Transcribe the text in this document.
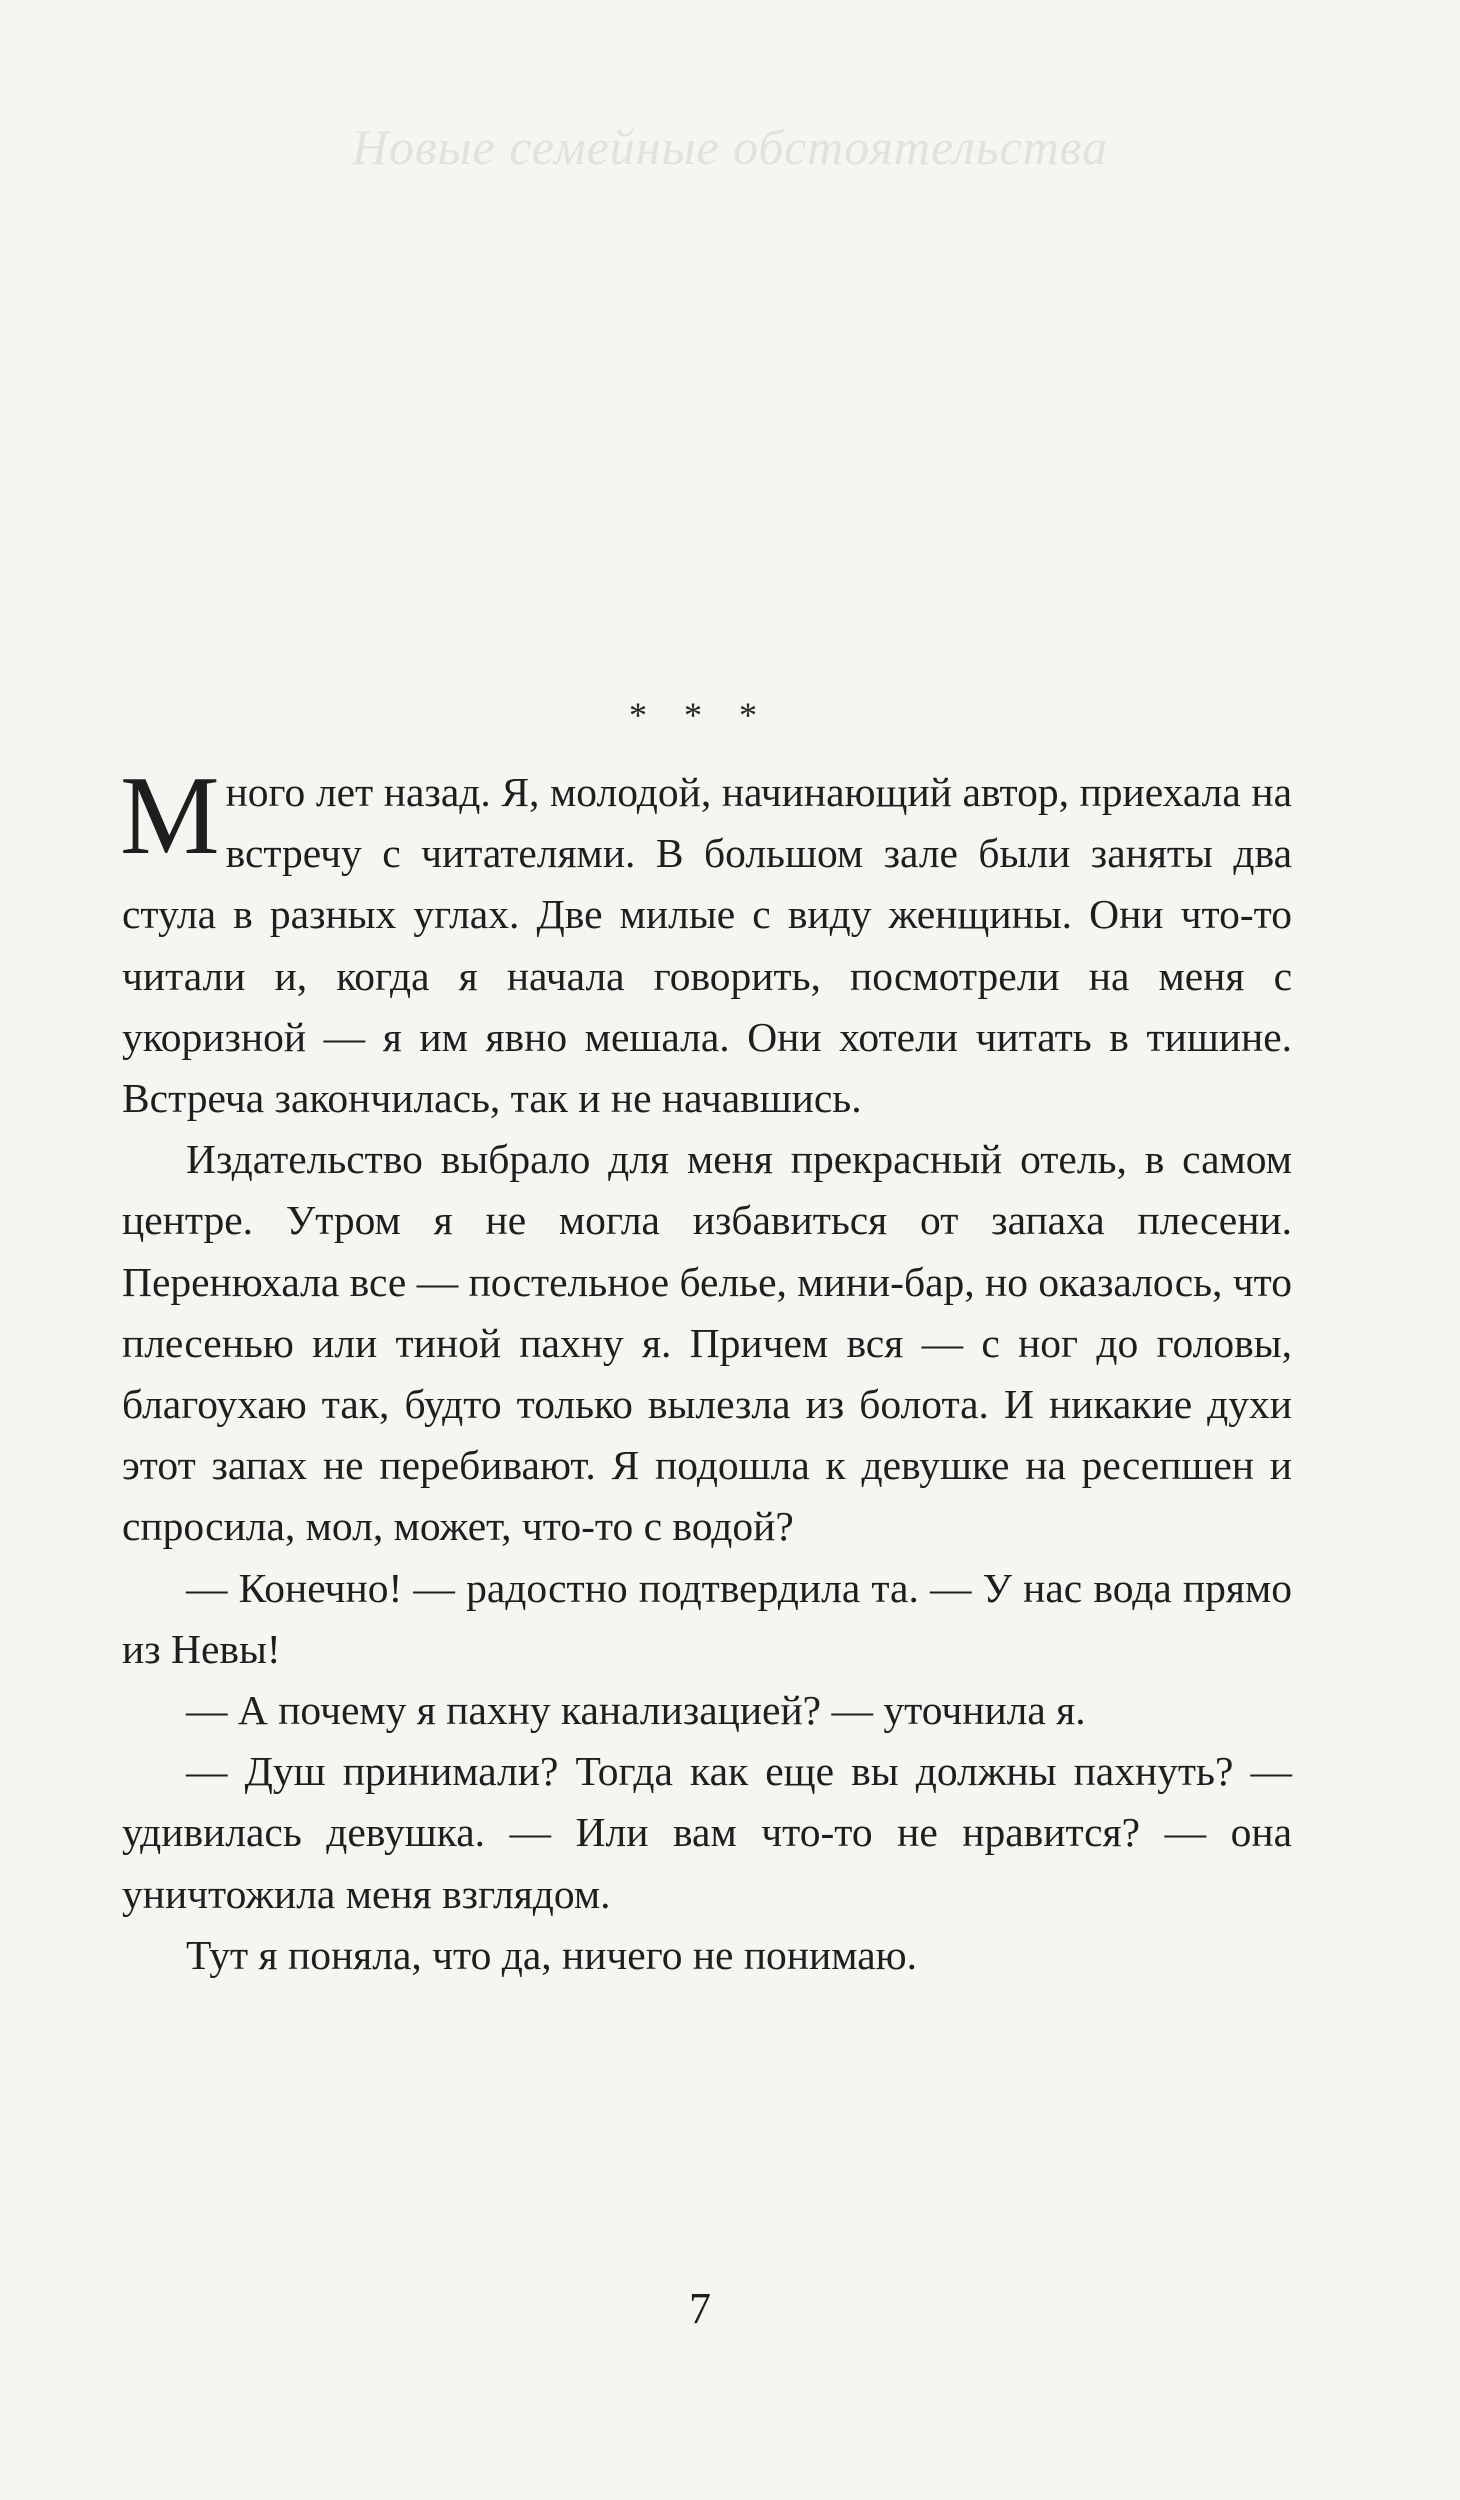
Новые семейные обстоятельства
* * *

Много лет назад. Я, молодой, начинающий автор, приехала на встречу с читателями. В большом зале были заняты два стула в разных углах. Две милые с виду женщины. Они что-то читали и, когда я начала говорить, посмотрели на меня с укоризной — я им явно мешала. Они хотели читать в тишине. Встреча закончилась, так и не начавшись.

Издательство выбрало для меня прекрасный отель, в самом центре. Утром я не могла избавиться от запаха плесени. Перенюхала все — постельное белье, мини-бар, но оказалось, что плесенью или тиной пахну я. Причем вся — с ног до головы, благоухаю так, будто только вылезла из болота. И никакие духи этот запах не перебивают. Я подошла к девушке на ресепшен и спросила, мол, может, что-то с водой?

— Конечно! — радостно подтвердила та. — У нас вода прямо из Невы!

— А почему я пахну канализацией? — уточнила я.

— Душ принимали? Тогда как еще вы должны пахнуть? — удивилась девушка. — Или вам что-то не нравится? — она уничтожила меня взглядом.

Тут я поняла, что да, ничего не понимаю.

7
